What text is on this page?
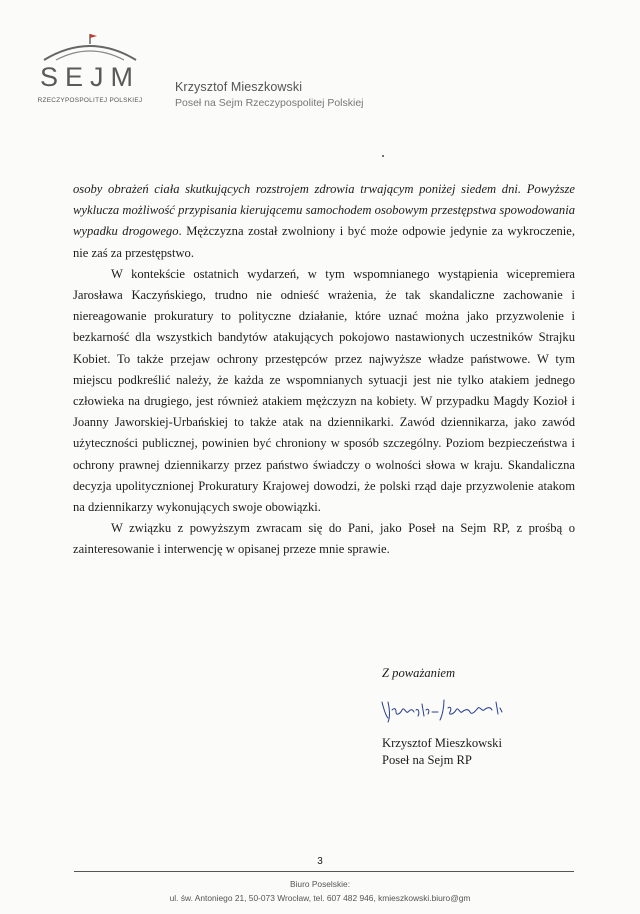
SEJM
RZECZYPOSPOLITEJ POLSKIEJ
Krzysztof Mieszkowski
Poseł na Sejm Rzeczypospolitej Polskiej

osoby obrażeń ciała skutkujących rozstrojem zdrowia trwającym poniżej siedem dni. Powyższe wyklucza możliwość przypisania kierującemu samochodem osobowym przestępstwa spowodowania wypadku drogowego. Mężczyzna został zwolniony i być może odpowie jedynie za wykroczenie, nie zaś za przestępstwo.

W kontekście ostatnich wydarzeń, w tym wspomnianego wystąpienia wicepremiera Jarosława Kaczyńskiego, trudno nie odnieść wrażenia, że tak skandaliczne zachowanie i niereagowanie prokuratury to polityczne działanie, które uznać można jako przyzwolenie i bezkarność dla wszystkich bandytów atakujących pokojowo nastawionych uczestników Strajku Kobiet. To także przejaw ochrony przestępców przez najwyższe władze państwowe. W tym miejscu podkreślić należy, że każda ze wspomnianych sytuacji jest nie tylko atakiem jednego człowieka na drugiego, jest również atakiem mężczyzn na kobiety. W przypadku Magdy Kozioł i Joanny Jaworskiej-Urbańskiej to także atak na dziennikarki. Zawód dziennikarza, jako zawód użyteczności publicznej, powinien być chroniony w sposób szczególny. Poziom bezpieczeństwa i ochrony prawnej dziennikarzy przez państwo świadczy o wolności słowa w kraju. Skandaliczna decyzja upolitycznionej Prokuratury Krajowej dowodzi, że polski rząd daje przyzwolenie atakom na dziennikarzy wykonujących swoje obowiązki.

W związku z powyższym zwracam się do Pani, jako Poseł na Sejm RP, z prośbą o zainteresowanie i interwencję w opisanej przeze mnie sprawie.

Z poważaniem
Krzysztof Mieszkowski
Poseł na Sejm RP
3
Biuro Poselskie:
ul. św. Antoniego 21, 50-073 Wrocław, tel. 607 482 946, kmieszkowski.biuro@gm
